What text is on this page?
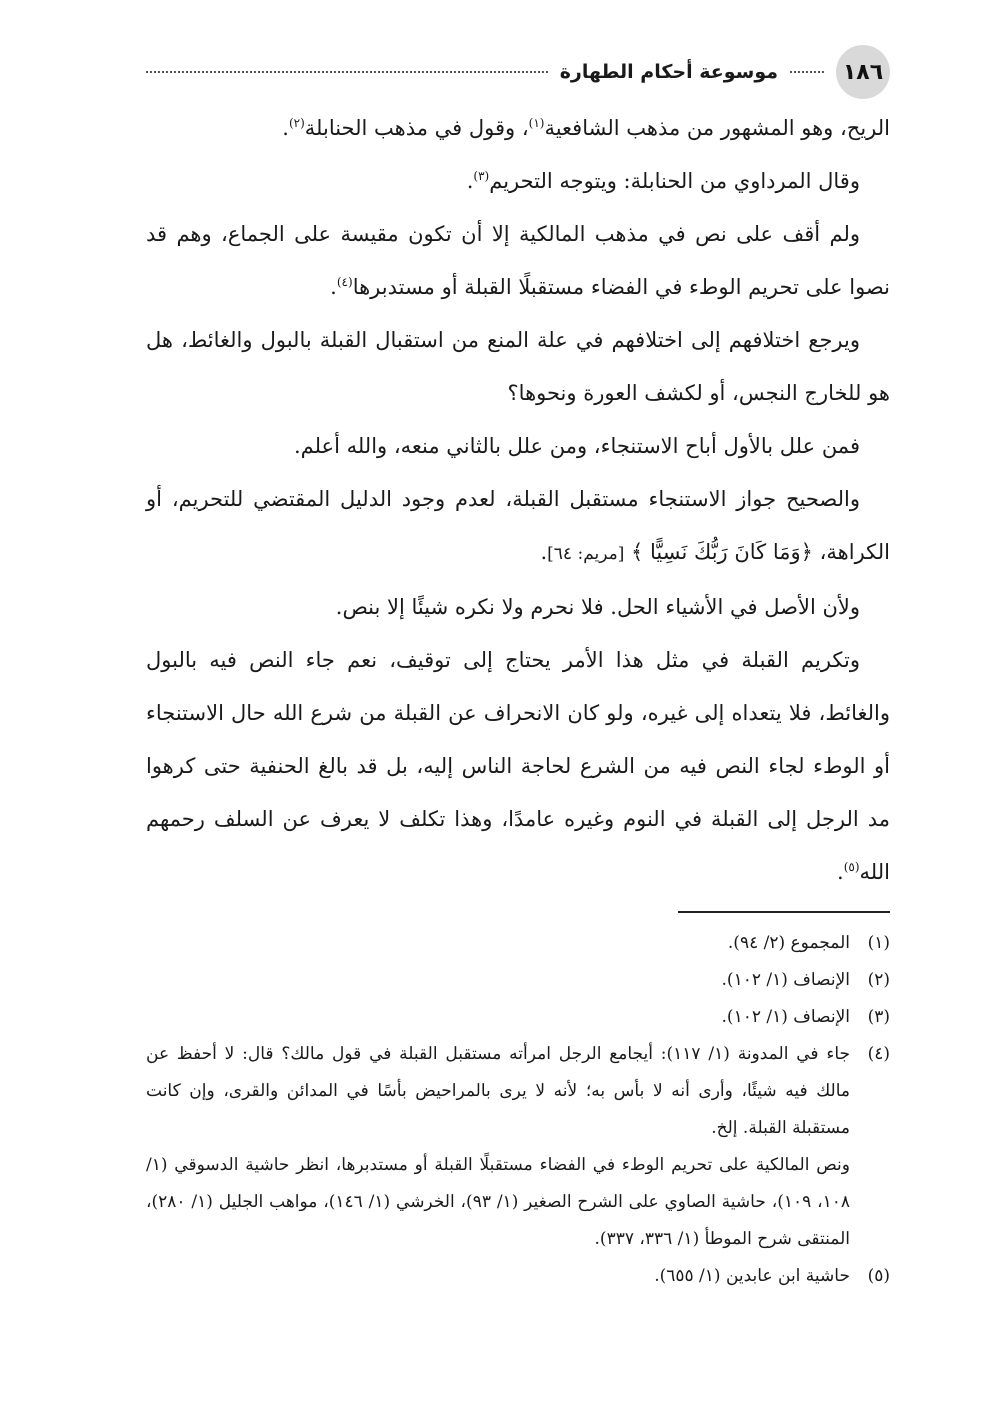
١٨٦
موسوعة أحكام الطهارة

الريح، وهو المشهور من مذهب الشافعية$^{(١)}$، وقول في مذهب الحنابلة$^{(٢)}$.

وقال المرداوي من الحنابلة: ويتوجه التحريم$^{(٣)}$.

ولم أقف على نص في مذهب المالكية إلا أن تكون مقيسة على الجماع، وهم قد نصوا على تحريم الوطء في الفضاء مستقبلًا القبلة أو مستدبرها$^{(٤)}$.

ويرجع اختلافهم إلى اختلافهم في علة المنع من استقبال القبلة بالبول والغائط، هل هو للخارج النجس، أو لكشف العورة ونحوها؟

فمن علل بالأول أباح الاستنجاء، ومن علل بالثاني منعه، والله أعلم.

والصحيح جواز الاستنجاء مستقبل القبلة، لعدم وجود الدليل المقتضي للتحريم، أو الكراهة، ﴿وَمَا كَانَ رَبُّكَ نَسِيًّا ﴾ [مريم: ٦٤].

ولأن الأصل في الأشياء الحل. فلا نحرم ولا نكره شيئًا إلا بنص.

وتكريم القبلة في مثل هذا الأمر يحتاج إلى توقيف، نعم جاء النص فيه بالبول والغائط، فلا يتعداه إلى غيره، ولو كان الانحراف عن القبلة من شرع الله حال الاستنجاء أو الوطء لجاء النص فيه من الشرع لحاجة الناس إليه، بل قد بالغ الحنفية حتى كرهوا مد الرجل إلى القبلة في النوم وغيره عامدًا، وهذا تكلف لا يعرف عن السلف رحمهم الله$^{(٥)}$.

(١)
المجموع (٢/ ٩٤).
(٢)
الإنصاف (١/ ١٠٢).
(٣)
الإنصاف (١/ ١٠٢).
(٤)
جاء في المدونة (١/ ١١٧): أيجامع الرجل امرأته مستقبل القبلة في قول مالك؟ قال: لا أحفظ عن مالك فيه شيئًا، وأرى أنه لا بأس به؛ لأنه لا يرى بالمراحيض بأسًا في المدائن والقرى، وإن كانت مستقبلة القبلة. إلخ.
ونص المالكية على تحريم الوطء في الفضاء مستقبلًا القبلة أو مستدبرها، انظر حاشية الدسوقي (١/ ١٠٨، ١٠٩)، حاشية الصاوي على الشرح الصغير (١/ ٩٣)، الخرشي (١/ ١٤٦)، مواهب الجليل (١/ ٢٨٠)، المنتقى شرح الموطأ (١/ ٣٣٦، ٣٣٧).
(٥)
حاشية ابن عابدين (١/ ٦٥٥).
